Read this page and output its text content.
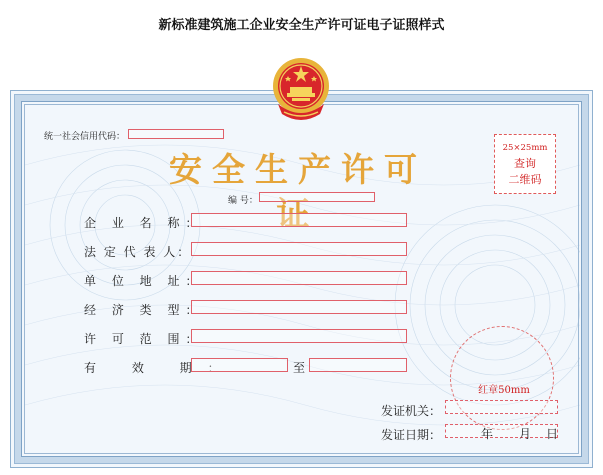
新标准建筑施工企业安全生产许可证电子证照样式
统一社会信用代码：
安全生产许可证
25×25mm
查询
二维码
编 号：
企 业 名 称：
法 定 代 表 人：
单 位 地 址：
经 济 类 型：
许 可 范 围：
有 效 期：	至
红章50mm
发证机关：
发证日期：	年 月 日
